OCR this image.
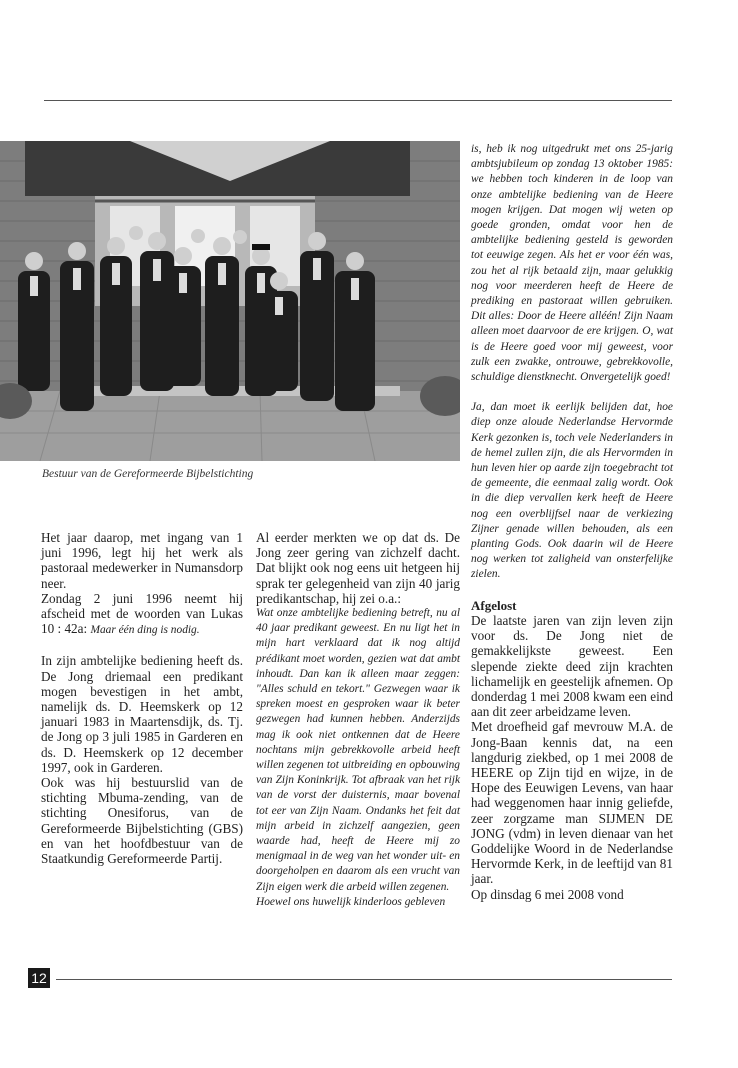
Bestuur van de Gereformeerde Bijbelstichting

Het jaar daarop, met ingang van 1 juni 1996, legt hij het werk als pastoraal medewerker in Numansdorp neer.

Zondag 2 juni 1996 neemt hij afscheid met de woorden van Lukas 10 : 42a: Maar één ding is nodig.

In zijn ambtelijke bediening heeft ds. De Jong driemaal een predikant mogen bevestigen in het ambt, namelijk ds. D. Heemskerk op 12 januari 1983 in Maartensdijk, ds. Tj. de Jong op 3 juli 1985 in Garderen en ds. D. Heemskerk op 12 december 1997, ook in Garderen.

Ook was hij bestuurslid van de stichting Mbuma-zending, van de stichting Onesiforus, van de Gereformeerde Bijbelstichting (GBS) en van het hoofdbestuur van de Staatkundig Gereformeerde Partij.

Al eerder merkten we op dat ds. De Jong zeer gering van zichzelf dacht. Dat blijkt ook nog eens uit hetgeen hij sprak ter gelegenheid van zijn 40 jarig predikantschap, hij zei o.a.:

Wat onze ambtelijke bediening betreft, nu al 40 jaar predikant geweest. En nu ligt het in mijn hart verklaard dat ik nog altijd prédikant moet worden, gezien wat dat ambt inhoudt. Dan kan ik alleen maar zeggen: "Alles schuld en tekort." Gezwegen waar ik spreken moest en gesproken waar ik beter gezwegen had kunnen hebben. Anderzijds mag ik ook niet ontkennen dat de Heere nochtans mijn gebrekkovolle arbeid heeft willen zegenen tot uitbreiding en opbouwing van Zijn Koninkrijk. Tot afbraak van het rijk van de vorst der duisternis, maar bovenal tot eer van Zijn Naam. Ondanks het feit dat mijn arbeid in zichzelf aangezien, geen waarde had, heeft de Heere mij zo menigmaal in de weg van het wonder uit- en doorgeholpen en daarom als een vrucht van Zijn eigen werk die arbeid willen zegenen.

Hoewel ons huwelijk kinderloos gebleven

is, heb ik nog uitgedrukt met ons 25-jarig ambtsjubileum op zondag 13 oktober 1985: we hebben toch kinderen in de loop van onze ambtelijke bediening van de Heere mogen krijgen. Dat mogen wij weten op goede gronden, omdat voor hen de ambtelijke bediening gesteld is geworden tot eeuwige zegen. Als het er voor één was, zou het al rijk betaald zijn, maar gelukkig nog voor meerderen heeft de Heere de prediking en pastoraat willen gebruiken. Dit alles: Door de Heere alléén! Zijn Naam alleen moet daarvoor de ere krijgen. O, wat is de Heere goed voor mij geweest, voor zulk een zwakke, ontrouwe, gebrekkovolle, schuldige dienstknecht. Onvergetelijk goed!

Ja, dan moet ik eerlijk belijden dat, hoe diep onze aloude Nederlandse Hervormde Kerk gezonken is, toch vele Nederlanders in de hemel zullen zijn, die als Hervormden in hun leven hier op aarde zijn toegebracht tot de gemeente, die eenmaal zalig wordt. Ook in die diep vervallen kerk heeft de Heere nog een overblijfsel naar de verkiezing Zijner genade willen behouden, als een planting Gods. Ook daarin wil de Heere nog werken tot zaligheid van onsterfelijke zielen.

Afgelost

De laatste jaren van zijn leven zijn voor ds. De Jong niet de gemakkelijkste geweest. Een slepende ziekte deed zijn krachten lichamelijk en geestelijk afnemen. Op donderdag 1 mei 2008 kwam een eind aan dit zeer arbeidzame leven.

Met droefheid gaf mevrouw M.A. de Jong-Baan kennis dat, na een langdurig ziekbed, op 1 mei 2008 de HEERE op Zijn tijd en wijze, in de Hope des Eeuwigen Levens, van haar had weggenomen haar innig geliefde, zeer zorgzame man SIJMEN DE JONG (vdm) in leven dienaar van het Goddelijke Woord in de Nederlandse Hervormde Kerk, in de leeftijd van 81 jaar.

Op dinsdag 6 mei 2008 vond

12
